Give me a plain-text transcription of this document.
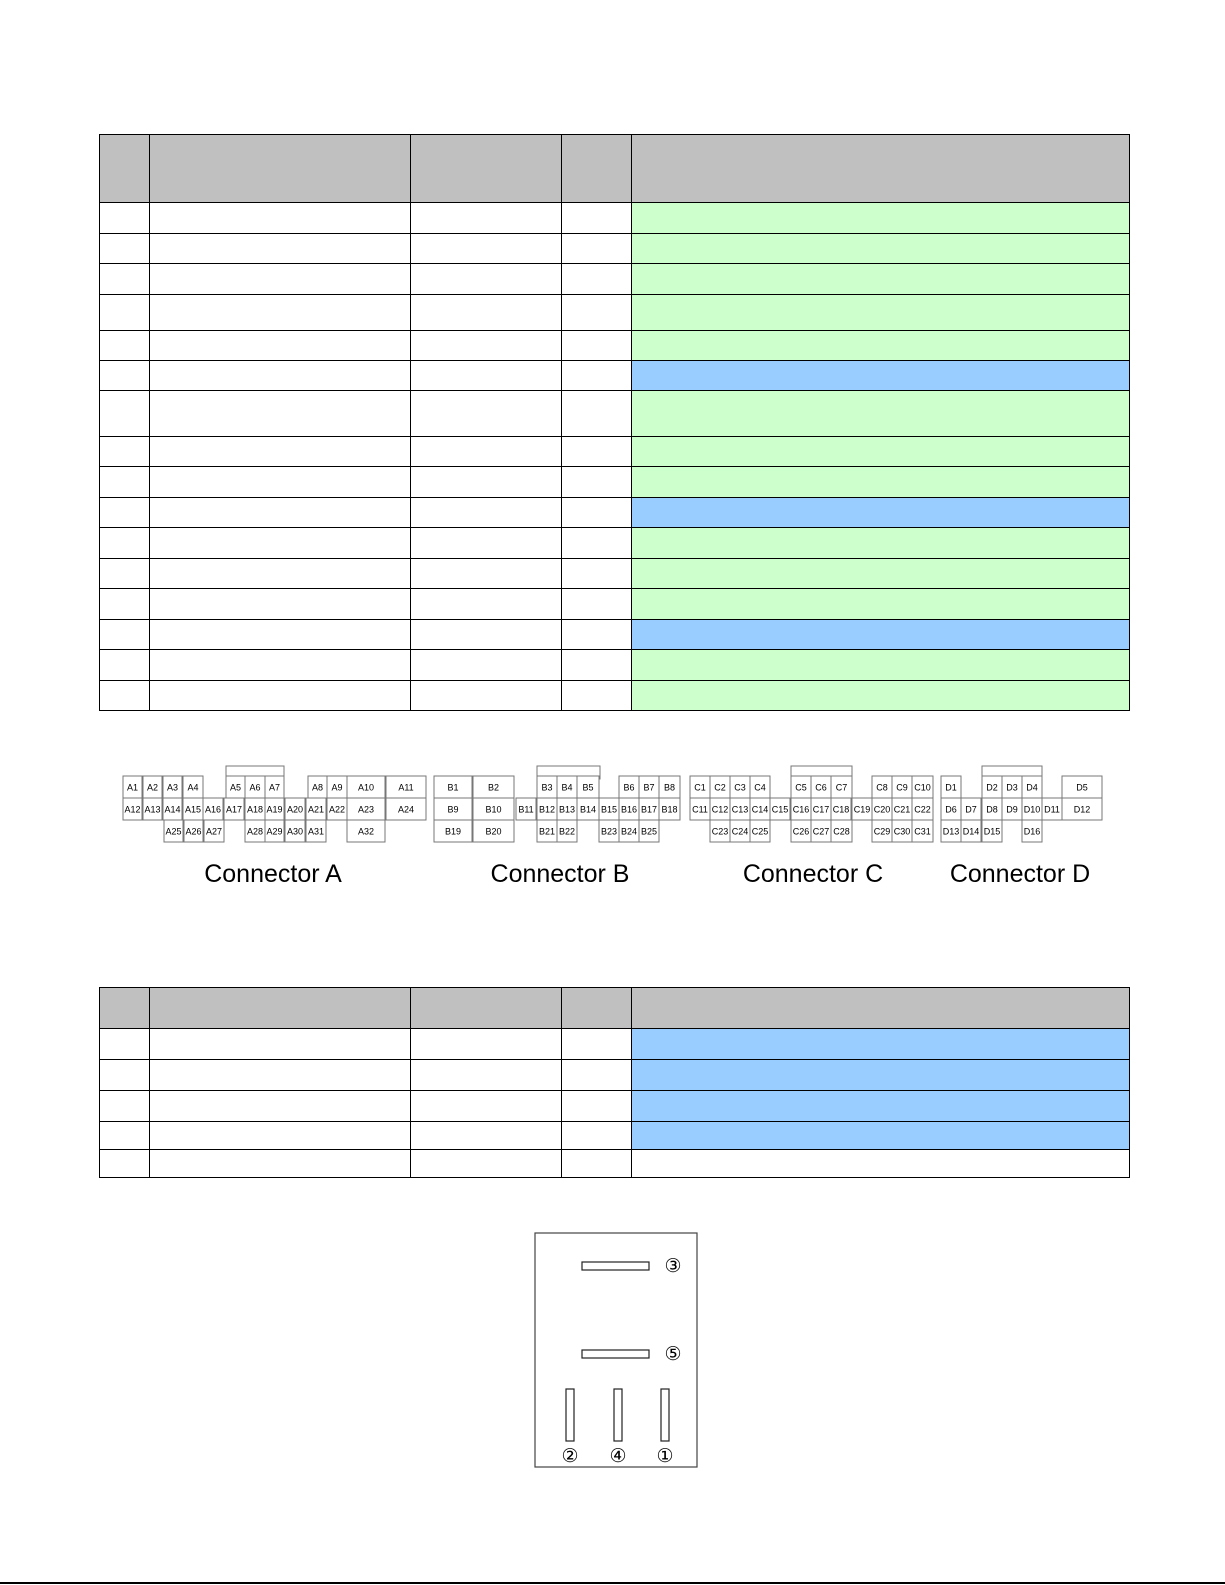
A1 A2 A3 A4	A5 A6 A7	A8 A9 A10	A11
A12 A13 A14 A15 A16 A17 A18 A19 A20 A21 A22 A23	A24
A25 A26 A27	A28 A29 A30 A31	A32
B1	B2	B3 B4 B5	B6 B7 B8
B9	B10 B11 B12 B13 B14 B15 B16 B17 B18
B19	B20	B21 B22	B23 B24 B25
C1 C2 C3 C4	C5 C6 C7	C8 C9 C10
C11 C12 C13 C14 C15 C16 C17 C18 C19 C20 C21 C22
C23 C24 C25	C26 C27 C28	C29 C30 C31
D1	D2 D3 D4	D5
D6 D7 D8 D9 D10 D11 D12
D13 D14 D15	D16
Connector A	Connector B	Connector C	Connector D

③
⑤
② ④ ①
